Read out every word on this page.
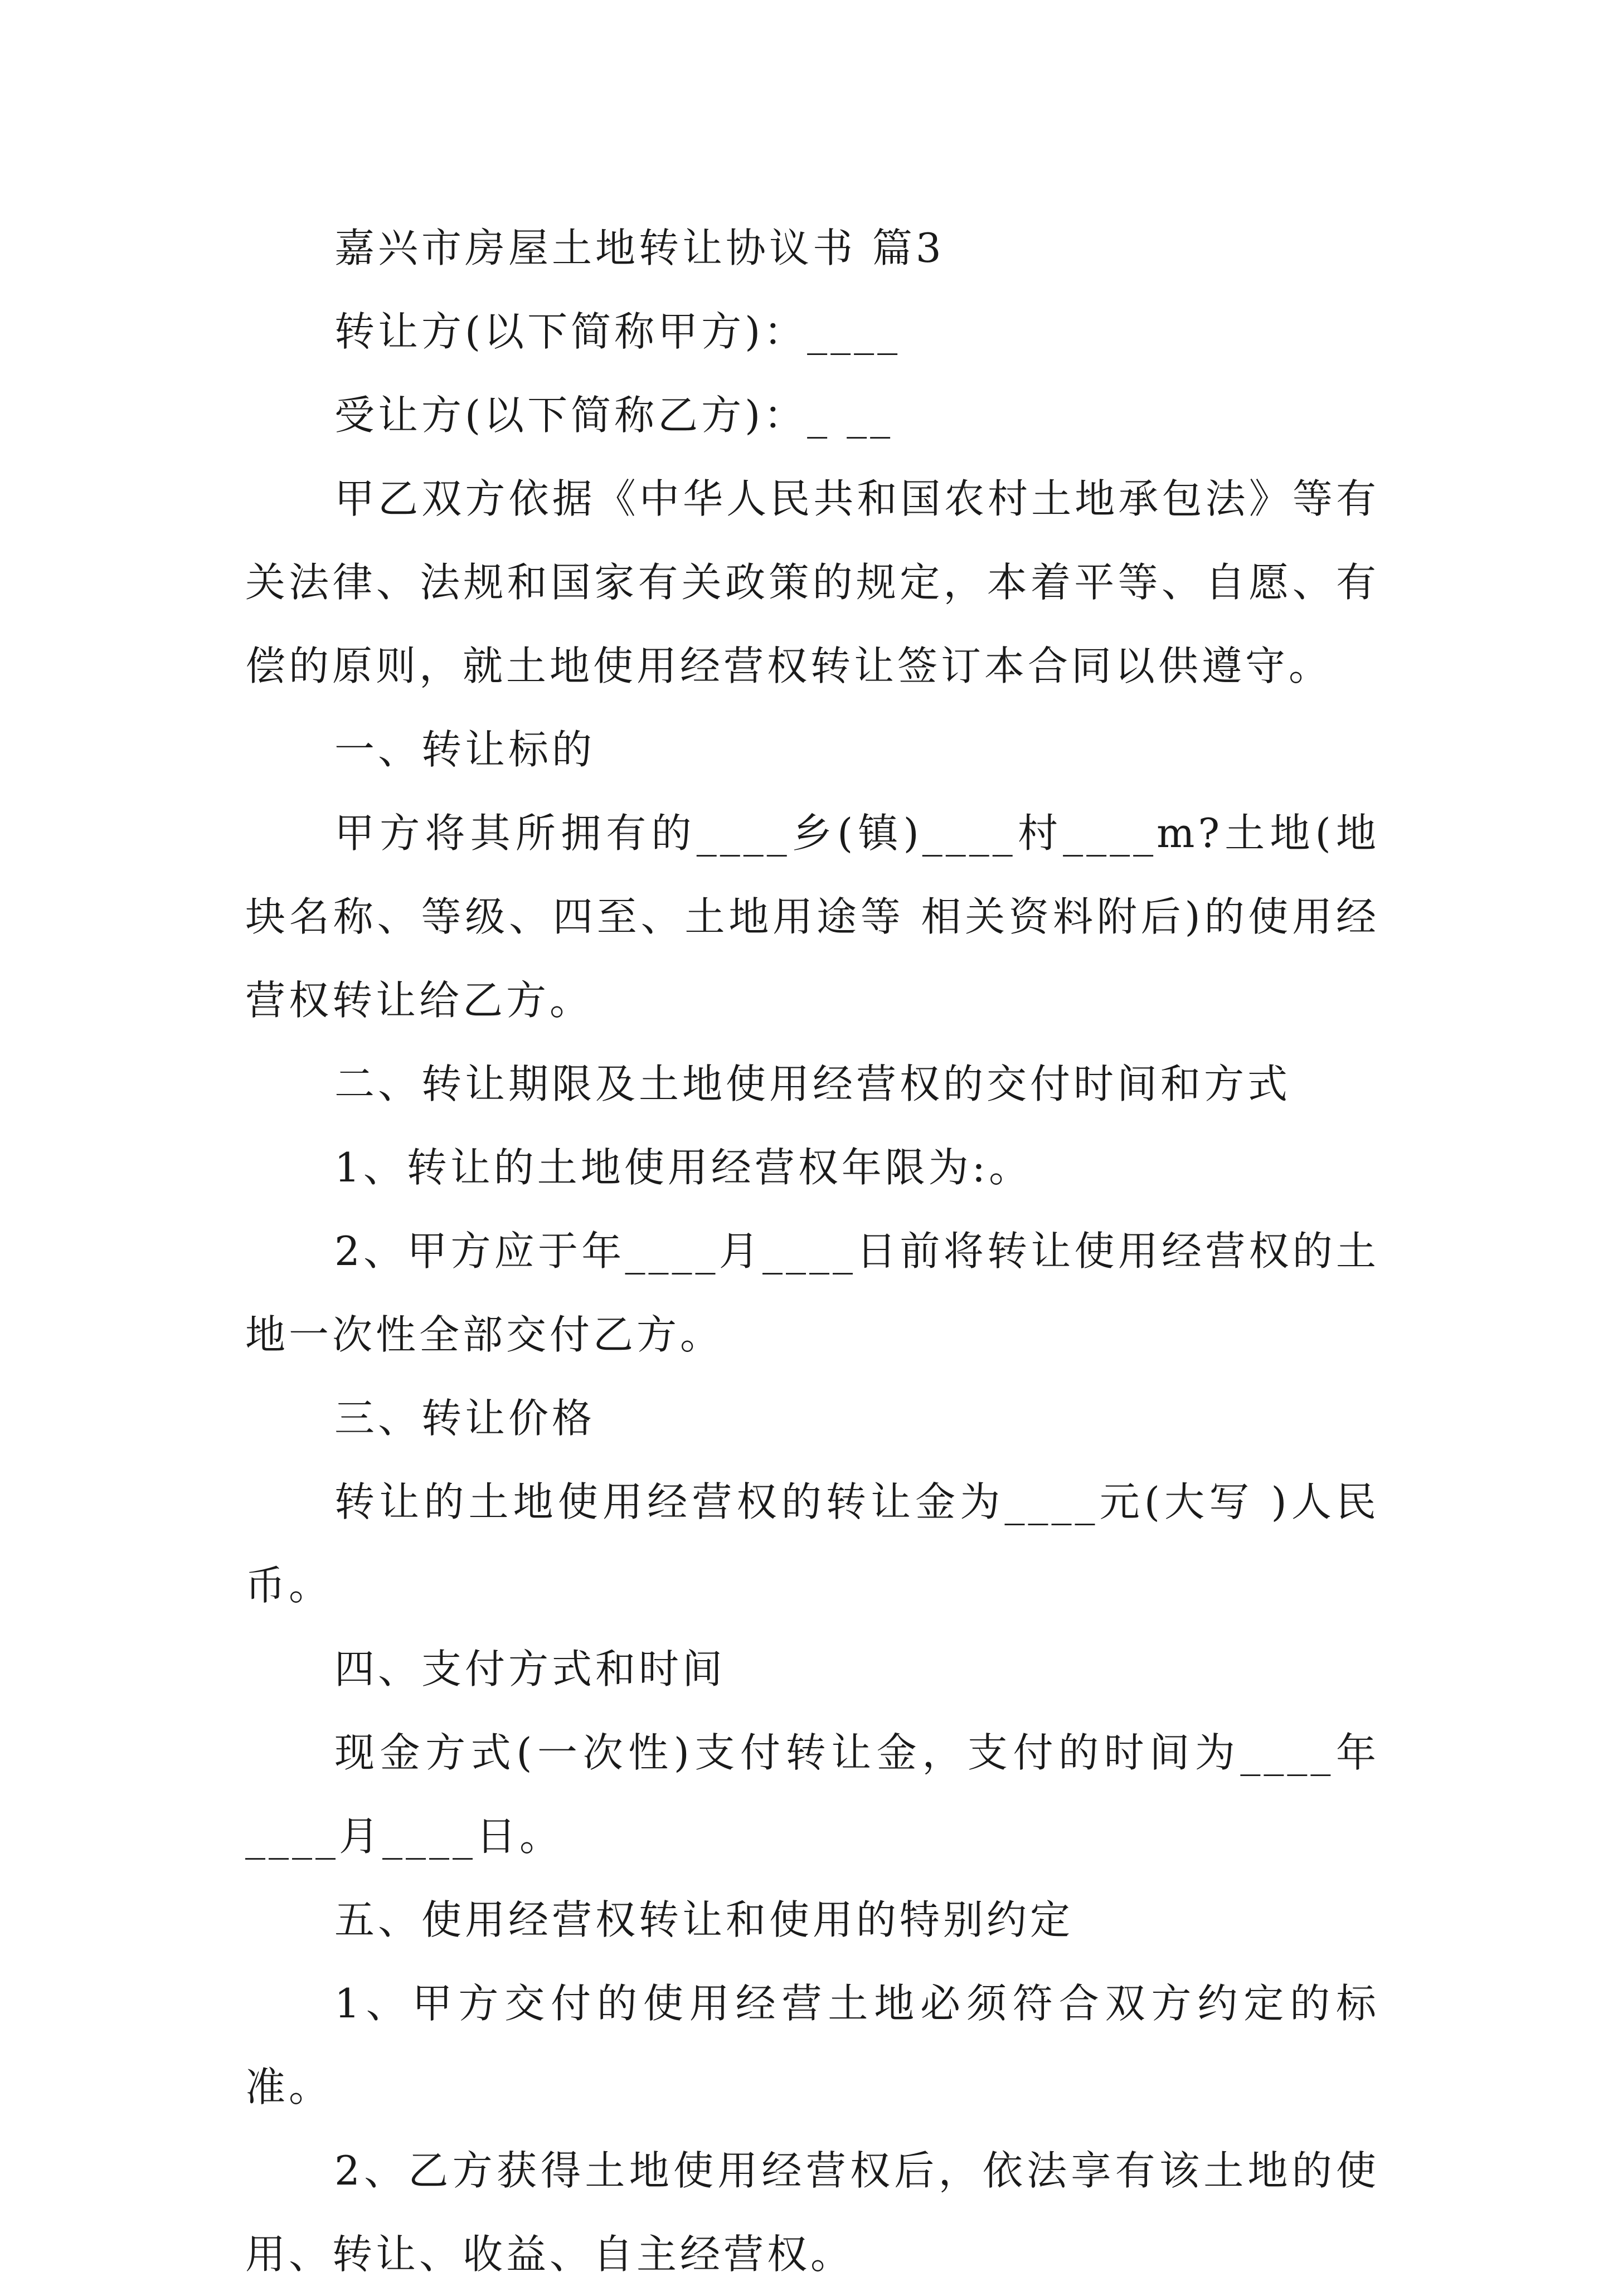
嘉兴市房屋土地转让协议书 篇3

转让方(以下简称甲方)：____

受让方(以下简称乙方)：_ __

甲乙双方依据《中华人民共和国农村土地承包法》等有关法律、法规和国家有关政策的规定，本着平等、自愿、有偿的原则，就土地使用经营权转让签订本合同以供遵守。

一、转让标的

甲方将其所拥有的____乡(镇)____村____m?土地(地块名称、等级、四至、土地用途等 相关资料附后)的使用经营权转让给乙方。

二、转让期限及土地使用经营权的交付时间和方式

1、转让的土地使用经营权年限为:。

2、甲方应于年____月____日前将转让使用经营权的土地一次性全部交付乙方。

三、转让价格

转让的土地使用经营权的转让金为____元(大写 )人民币。

四、支付方式和时间

现金方式(一次性)支付转让金，支付的时间为____年____月____日。

五、使用经营权转让和使用的特别约定

1、甲方交付的使用经营土地必须符合双方约定的标准。

2、乙方获得土地使用经营权后，依法享有该土地的使用、转让、收益、自主经营权。
